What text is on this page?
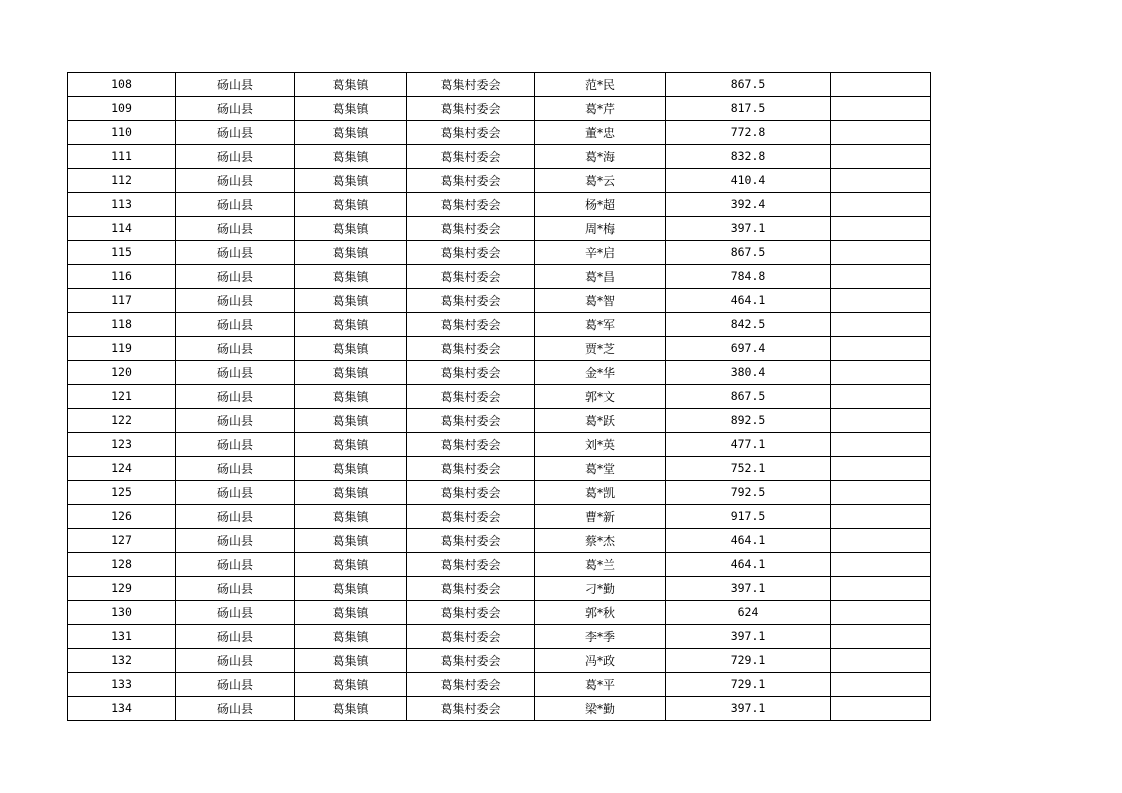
108	砀山县	葛集镇	葛集村委会	范*民	867.5	
109	砀山县	葛集镇	葛集村委会	葛*芹	817.5	
110	砀山县	葛集镇	葛集村委会	董*忠	772.8	
111	砀山县	葛集镇	葛集村委会	葛*海	832.8	
112	砀山县	葛集镇	葛集村委会	葛*云	410.4	
113	砀山县	葛集镇	葛集村委会	杨*超	392.4	
114	砀山县	葛集镇	葛集村委会	周*梅	397.1	
115	砀山县	葛集镇	葛集村委会	辛*启	867.5	
116	砀山县	葛集镇	葛集村委会	葛*昌	784.8	
117	砀山县	葛集镇	葛集村委会	葛*智	464.1	
118	砀山县	葛集镇	葛集村委会	葛*军	842.5	
119	砀山县	葛集镇	葛集村委会	贾*芝	697.4	
120	砀山县	葛集镇	葛集村委会	金*华	380.4	
121	砀山县	葛集镇	葛集村委会	郭*文	867.5	
122	砀山县	葛集镇	葛集村委会	葛*跃	892.5	
123	砀山县	葛集镇	葛集村委会	刘*英	477.1	
124	砀山县	葛集镇	葛集村委会	葛*堂	752.1	
125	砀山县	葛集镇	葛集村委会	葛*凯	792.5	
126	砀山县	葛集镇	葛集村委会	曹*新	917.5	
127	砀山县	葛集镇	葛集村委会	蔡*杰	464.1	
128	砀山县	葛集镇	葛集村委会	葛*兰	464.1	
129	砀山县	葛集镇	葛集村委会	刁*勤	397.1	
130	砀山县	葛集镇	葛集村委会	郭*秋	624	
131	砀山县	葛集镇	葛集村委会	李*季	397.1	
132	砀山县	葛集镇	葛集村委会	冯*政	729.1	
133	砀山县	葛集镇	葛集村委会	葛*平	729.1	
134	砀山县	葛集镇	葛集村委会	梁*勤	397.1	
